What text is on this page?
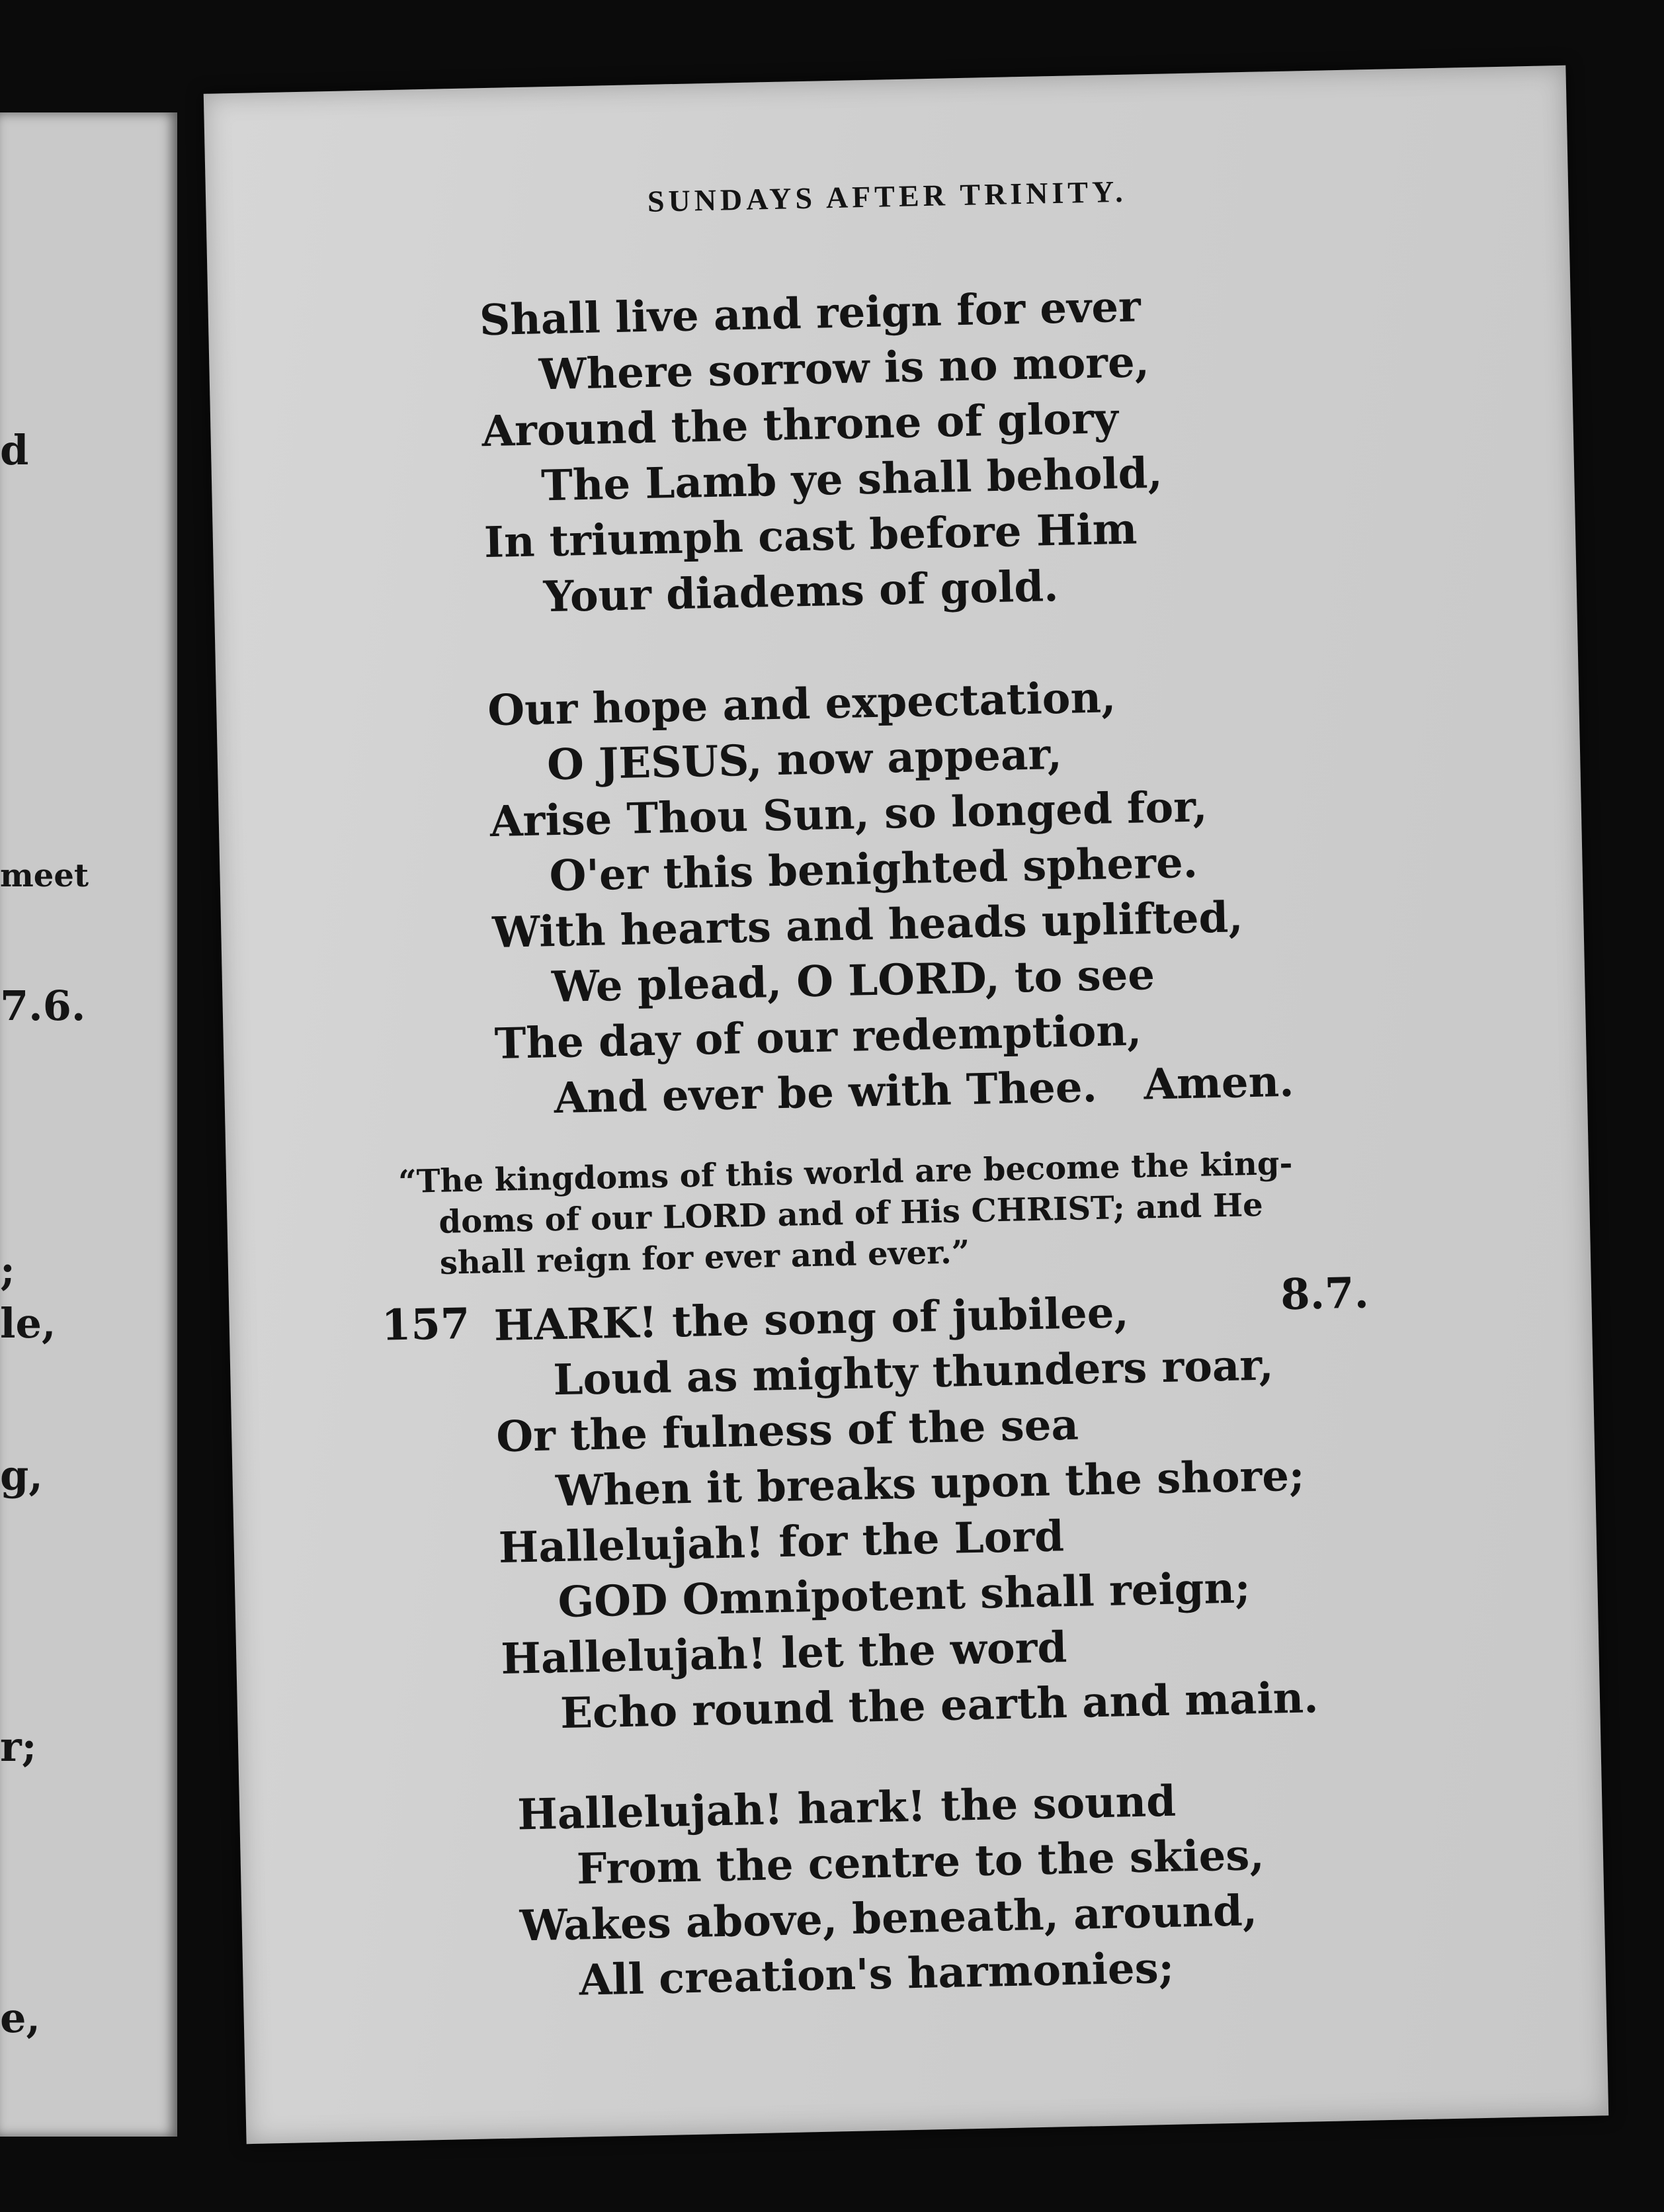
d
meet
7.6.
;
le,
g,
r;
e,
SUNDAYS AFTER TRINITY.
Shall live and reign for ever
Where sorrow is no more,
Around the throne of glory
The Lamb ye shall behold,
In triumph cast before Him
Your diadems of gold.
Our hope and expectation,
O JESUS, now appear,
Arise Thou Sun, so longed for,
O'er this benighted sphere.
With hearts and heads uplifted,
We plead, O LORD, to see
The day of our redemption,
And ever be with Thee.	Amen.
“The kingdoms of this world are become the king-
doms of our LORD and of His CHRIST; and He
shall reign for ever and ever.”
157
8.7.
HARK! the song of jubilee,
Loud as mighty thunders roar,
Or the fulness of the sea
When it breaks upon the shore;
Hallelujah! for the Lord
GOD Omnipotent shall reign;
Hallelujah! let the word
Echo round the earth and main.
Hallelujah! hark! the sound
From the centre to the skies,
Wakes above, beneath, around,
All creation's harmonies;
